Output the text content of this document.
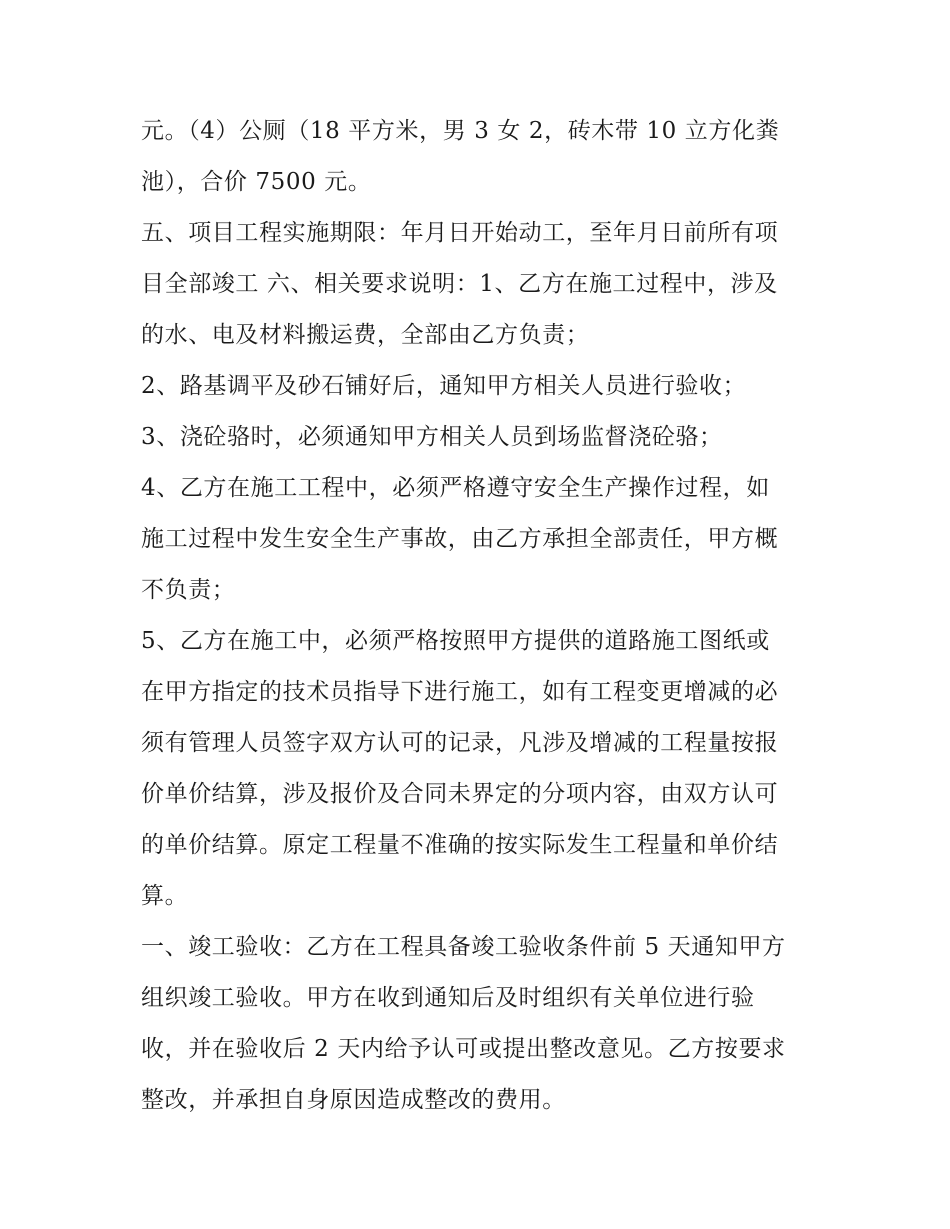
元。（4）公厕（18 平方米，男 3 女 2，砖木带 10 立方化粪
池），合价 7500 元。
五、项目工程实施期限：年月日开始动工，至年月日前所有项
目全部竣工 六、相关要求说明：1、乙方在施工过程中，涉及
的水、电及材料搬运费，全部由乙方负责；
2、路基调平及砂石铺好后，通知甲方相关人员进行验收；
3、浇砼骆时，必须通知甲方相关人员到场监督浇砼骆；
4、乙方在施工工程中，必须严格遵守安全生产操作过程，如
施工过程中发生安全生产事故，由乙方承担全部责任，甲方概
不负责；
5、乙方在施工中，必须严格按照甲方提供的道路施工图纸或
在甲方指定的技术员指导下进行施工，如有工程变更增减的必
须有管理人员签字双方认可的记录，凡涉及增减的工程量按报
价单价结算，涉及报价及合同未界定的分项内容，由双方认可
的单价结算。原定工程量不准确的按实际发生工程量和单价结
算。
一、竣工验收：乙方在工程具备竣工验收条件前 5 天通知甲方
组织竣工验收。甲方在收到通知后及时组织有关单位进行验
收，并在验收后 2 天内给予认可或提出整改意见。乙方按要求
整改，并承担自身原因造成整改的费用。
